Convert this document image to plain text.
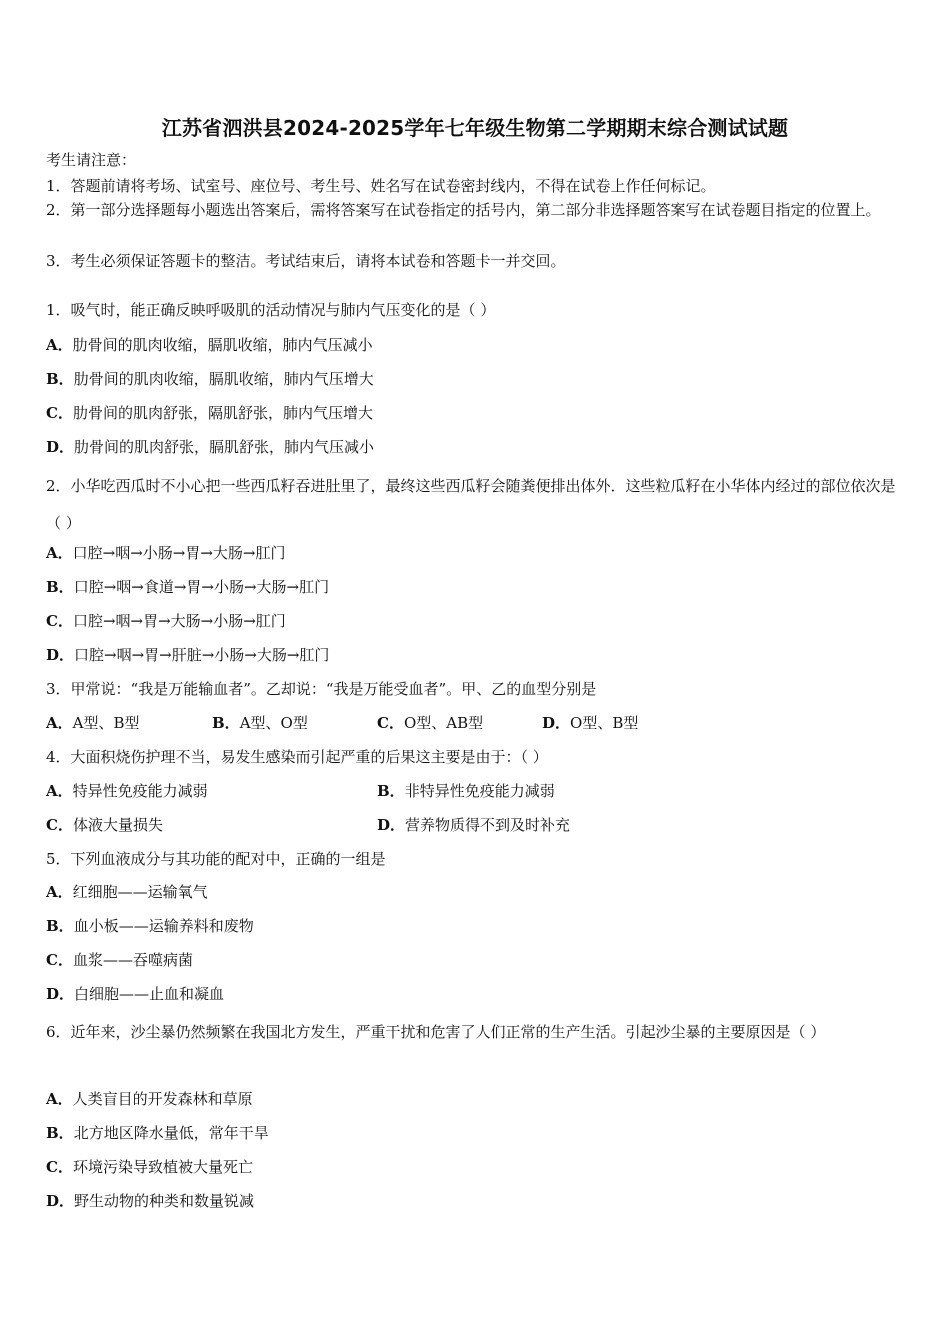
江苏省泗洪县2024-2025学年七年级生物第二学期期末综合测试试题
考生请注意：
1．答题前请将考场、试室号、座位号、考生号、姓名写在试卷密封线内，不得在试卷上作任何标记。
2．第一部分选择题每小题选出答案后，需将答案写在试卷指定的括号内，第二部分非选择题答案写在试卷题目指定的位置上。
3．考生必须保证答题卡的整洁。考试结束后，请将本试卷和答题卡一并交回。
1．吸气时，能正确反映呼吸肌的活动情况与肺内气压变化的是（ ）
A．肋骨间的肌肉收缩，膈肌收缩，肺内气压减小
B．肋骨间的肌肉收缩，膈肌收缩，肺内气压增大
C．肋骨间的肌肉舒张，隔肌舒张，肺内气压增大
D．肋骨间的肌肉舒张，膈肌舒张，肺内气压减小
2．小华吃西瓜时不小心把一些西瓜籽吞进肚里了，最终这些西瓜籽会随粪便排出体外．这些粒瓜籽在小华体内经过的部位依次是（ ）
A．口腔→咽→小肠→胃→大肠→肛门
B．口腔→咽→食道→胃→小肠→大肠→肛门
C．口腔→咽→胃→大肠→小肠→肛门
D．口腔→咽→胃→肝脏→小肠→大肠→肛门
3．甲常说：“我是万能输血者”。乙却说：“我是万能受血者”。甲、乙的血型分别是
A．A型、B型	B．A型、O型	C．O型、AB型	D．O型、B型
4．大面积烧伤护理不当，易发生感染而引起严重的后果这主要是由于：（ ）
A．特异性免疫能力减弱	B．非特异性免疫能力减弱
C．体液大量损失	D．营养物质得不到及时补充
5．下列血液成分与其功能的配对中，正确的一组是
A．红细胞——运输氧气
B．血小板——运输养料和废物
C．血浆——吞噬病菌
D．白细胞——止血和凝血
6．近年来，沙尘暴仍然频繁在我国北方发生，严重干扰和危害了人们正常的生产生活。引起沙尘暴的主要原因是（ ）
A．人类盲目的开发森林和草原
B．北方地区降水量低，常年干旱
C．环境污染导致植被大量死亡
D．野生动物的种类和数量锐减
